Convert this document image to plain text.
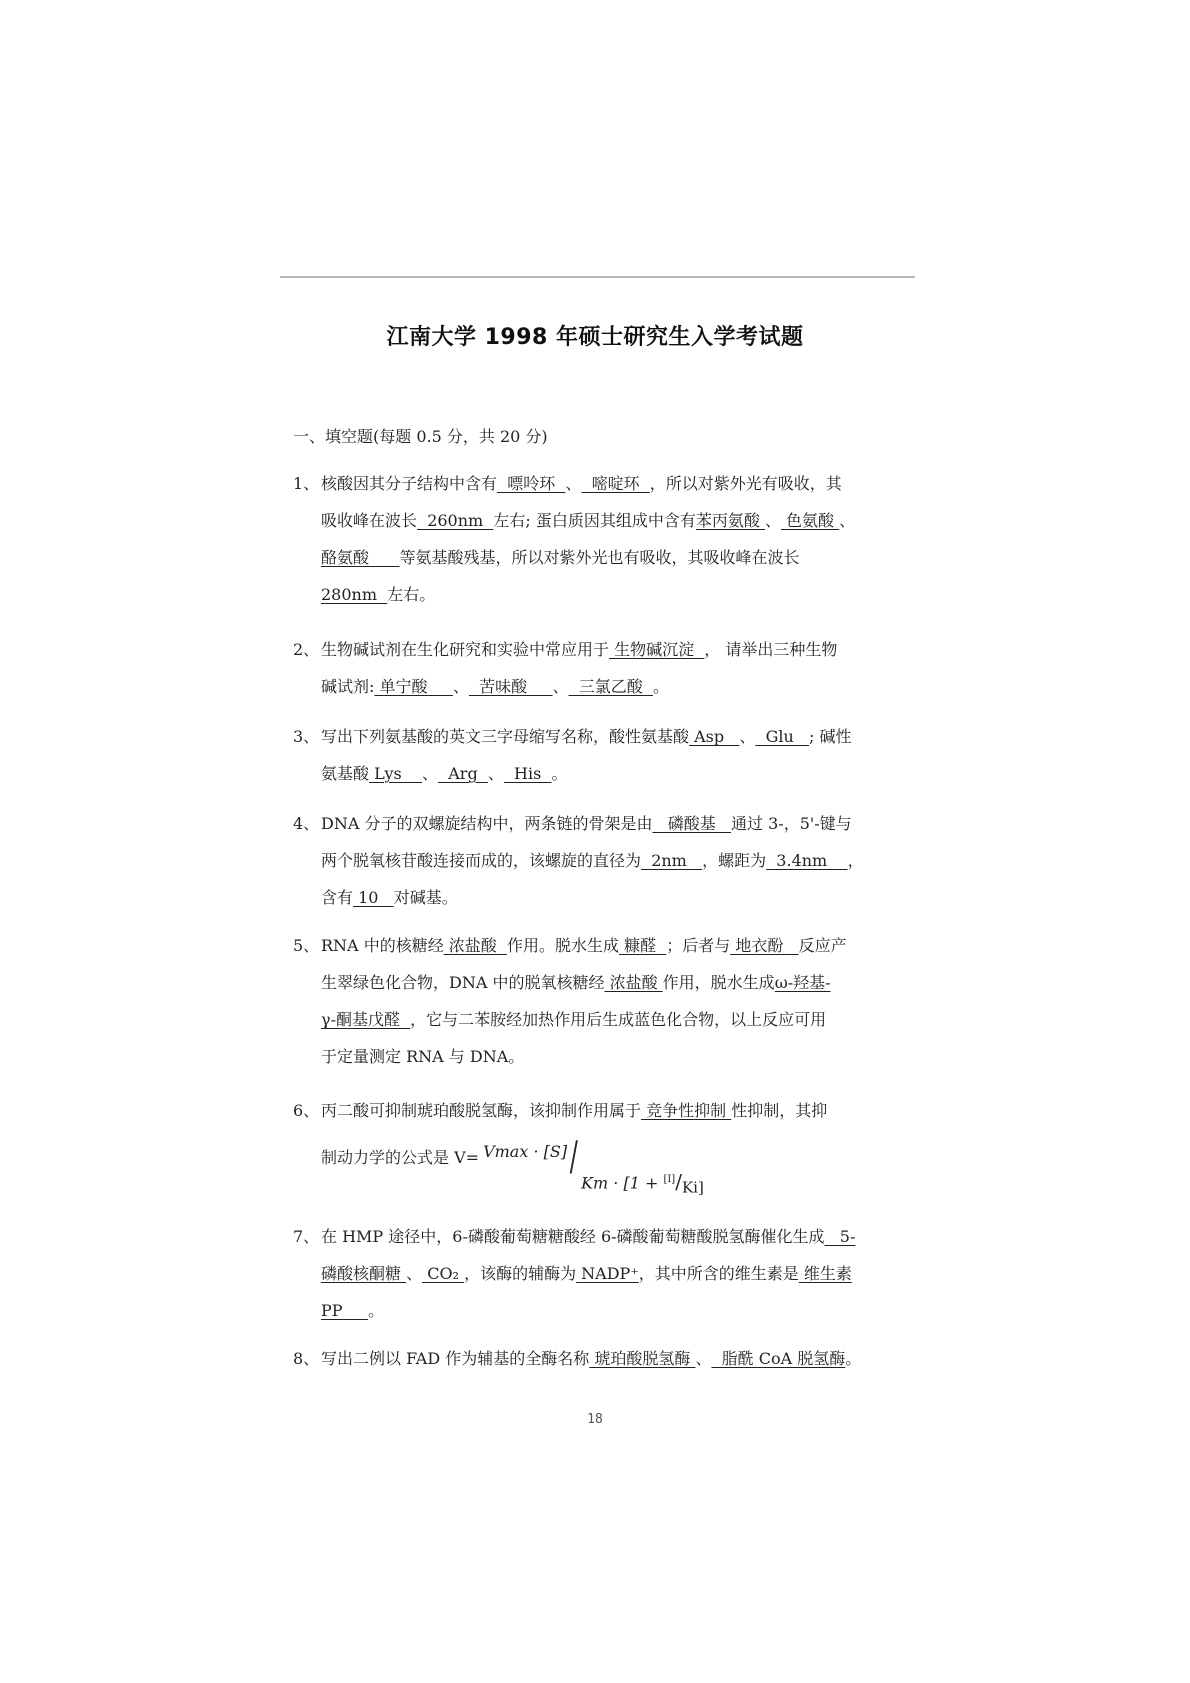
江南大学 1998 年硕士研究生入学考试题
一、填空题(每题 0.5 分，共 20 分)
1、 核酸因其分子结构中含有  嘌呤环  、  嘧啶环  ，所以对紫外光有吸收，其
吸收峰在波长  260nm  左右; 蛋白质因其组成中含有苯丙氨酸 、 色氨酸 、
酪氨酸      等氨基酸残基，所以对紫外光也有吸收，其吸收峰在波长
280nm  左右。
2、 生物碱试剂在生化研究和实验中常应用于 生物碱沉淀  ， 请举出三种生物
碱试剂: 单宁酸     、  苦味酸     、  三氯乙酸  。
3、 写出下列氨基酸的英文三字母缩写名称，酸性氨基酸 Asp   、  Glu   ; 碱性
氨基酸 Lys    、  Arg  、  His  。
4、 DNA 分子的双螺旋结构中，两条链的骨架是由   磷酸基   通过 3-，5'-键与
两个脱氧核苷酸连接而成的，该螺旋的直径为  2nm   ，螺距为  3.4nm    ，
含有 10   对碱基。
5、 RNA 中的核糖经 浓盐酸  作用。脱水生成 糠醛  ；后者与 地衣酚   反应产
生翠绿色化合物，DNA 中的脱氧核糖经 浓盐酸 作用，脱水生成ω-羟基-
γ-酮基戊醛  ，它与二苯胺经加热作用后生成蓝色化合物，以上反应可用
于定量测定 RNA 与 DNA。
6、 丙二酸可抑制琥珀酸脱氢酶，该抑制作用属于 竞争性抑制 性抑制，其抑
制动力学的公式是 V= Vmax · [S] /
$Km \cdot [1 + [I]/_{Ki]}$
7、 在 HMP 途径中，6-磷酸葡萄糖糖酸经 6-磷酸葡萄糖酸脱氢酶催化生成   5-
磷酸核酮糖 、 CO₂ ，该酶的辅酶为 NADP⁺，其中所含的维生素是 维生素
PP     。
8、 写出二例以 FAD 作为辅基的全酶名称 琥珀酸脱氢酶 、  脂酰 CoA 脱氢酶。
18
